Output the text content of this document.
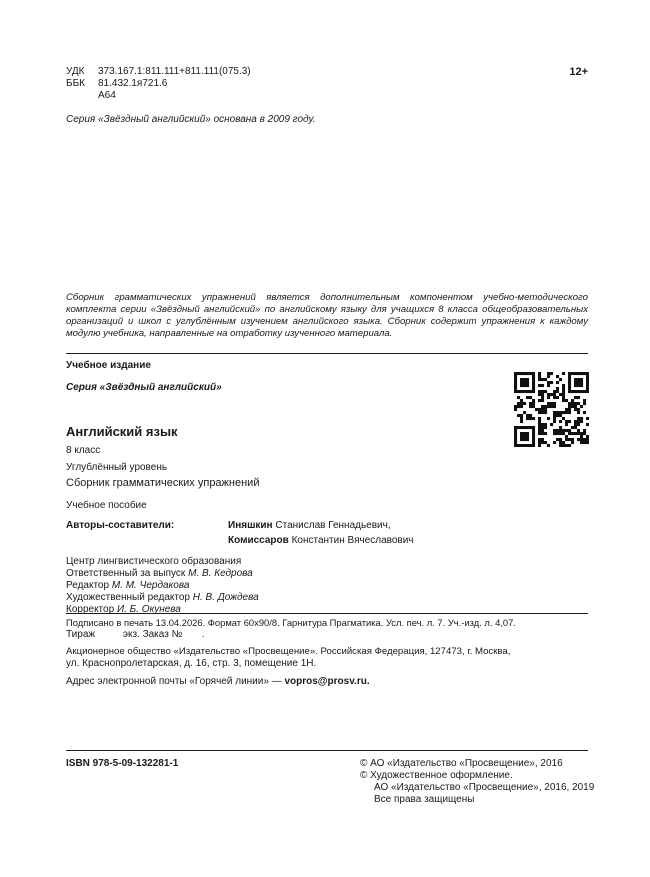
УДК 373.167.1:811.111+811.111(075.3)
ББК 81.432.1я721.6
А64
12+
Серия «Звёздный английский» основана в 2009 году.
Сборник грамматических упражнений является дополнительным компонентом учебно-методического комплекта серии «Звёздный английский» по английскому языку для учащихся 8 класса общеобразовательных организаций и школ с углублённым изучением английского языка. Сборник содержит упражнения к каждому модулю учебника, направленные на отработку изученного материала.
Учебное издание
Серия «Звёздный английский»
Английский язык
8 класс
Углублённый уровень
Сборник грамматических упражнений
Учебное пособие
Авторы-составители:	Иняшкин Станислав Геннадьевич,
Комиссаров Константин Вячеславович
Центр лингвистического образования
Ответственный за выпуск М. В. Кедрова
Редактор М. М. Чердакова
Художественный редактор Н. В. Дождева
Корректор И. Б. Окунева
Подписано в печать 13.04.2026. Формат 60х90/8. Гарнитура Прагматика. Усл. печ. л. 7. Уч.-изд. л. 4,07.
Тираж          экз. Заказ №       .
Акционерное общество «Издательство «Просвещение». Российская Федерация, 127473, г. Москва,
ул. Краснопролетарская, д. 16, стр. 3, помещение 1Н.
Адрес электронной почты «Горячей линии» — vopros@prosv.ru.
ISBN 978-5-09-132281-1	© АО «Издательство «Просвещение», 2016
© Художественное оформление.
АО «Издательство «Просвещение», 2016, 2019
Все права защищены
